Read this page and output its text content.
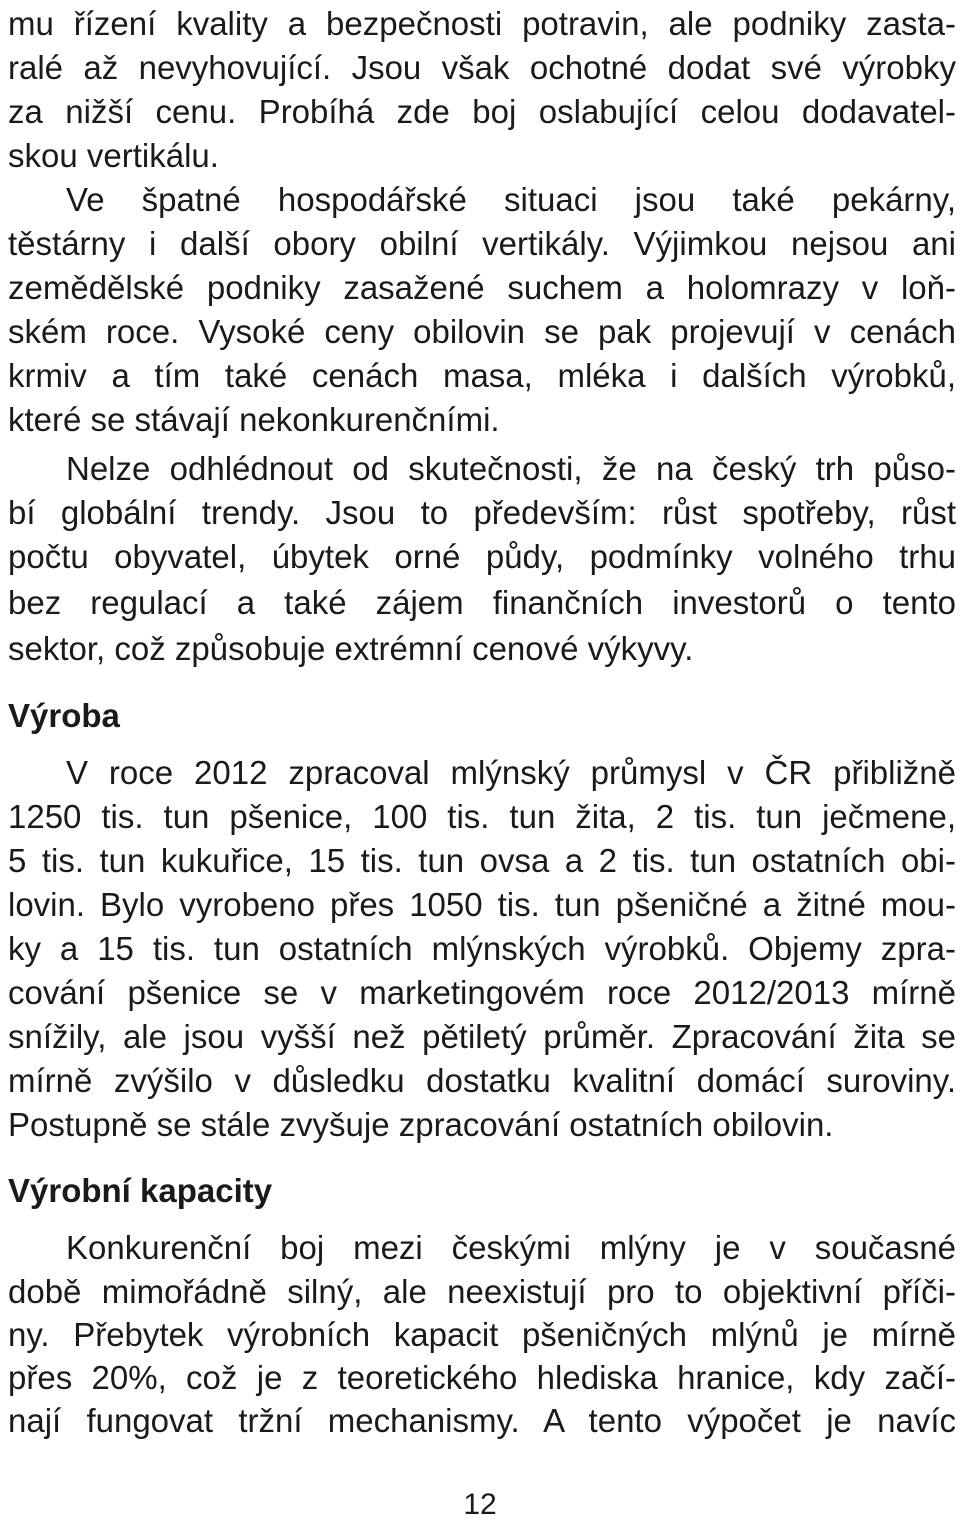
mu řízení kvality a bezpečnosti potravin, ale podniky zasta-
ralé až nevyhovující. Jsou však ochotné dodat své výrobky
za nižší cenu. Probíhá zde boj oslabující celou dodavatel-
skou vertikálu.
Ve špatné hospodářské situaci jsou také pekárny,
těstárny i další obory obilní vertikály. Výjimkou nejsou ani
zemědělské podniky zasažené suchem a holomrazy v loň-
ském roce. Vysoké ceny obilovin se pak projevují v cenách
krmiv a tím také cenách masa, mléka i dalších výrobků,
které se stávají nekonkurenčními.
Nelze odhlédnout od skutečnosti, že na český trh půso-
bí globální trendy. Jsou to především: růst spotřeby, růst
počtu obyvatel, úbytek orné půdy, podmínky volného trhu
bez regulací a také zájem finančních investorů o tento
sektor, což způsobuje extrémní cenové výkyvy.
Výroba
V roce 2012 zpracoval mlýnský průmysl v ČR přibližně
1250 tis. tun pšenice, 100 tis. tun žita, 2 tis. tun ječmene,
5 tis. tun kukuřice, 15 tis. tun ovsa a 2 tis. tun ostatních obi-
lovin. Bylo vyrobeno přes 1050 tis. tun pšeničné a žitné mou-
ky a 15 tis. tun ostatních mlýnských výrobků. Objemy zpra-
cování pšenice se v marketingovém roce 2012/2013 mírně
snížily, ale jsou vyšší než pětiletý průměr. Zpracování žita se
mírně zvýšilo v důsledku dostatku kvalitní domácí suroviny.
Postupně se stále zvyšuje zpracování ostatních obilovin.
Výrobní kapacity
Konkurenční boj mezi českými mlýny je v současné
době mimořádně silný, ale neexistují pro to objektivní příči-
ny. Přebytek výrobních kapacit pšeničných mlýnů je mírně
přes 20%, což je z teoretického hlediska hranice, kdy začí-
nají fungovat tržní mechanismy. A tento výpočet je navíc
12
